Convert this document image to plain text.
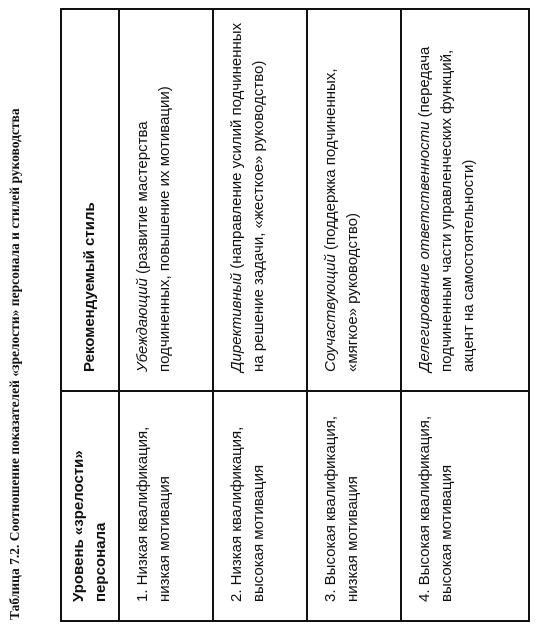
Таблица 7.2. Соотношение показателей «зрелости» персонала и стилей руководства	Уровень «зрелости» персонала	Рекомендуемый стиль
1. Низкая квалификация, низкая мотивация	Убеждающий (развитие мастерства подчиненных, повышение их мотивации)
2. Низкая квалификация, высокая мотивация	Директивный (направление усилий подчиненных на решение задачи, «жесткое» руководство)
3. Высокая квалификация, низкая мотивация	Соучаствующий (поддержка подчиненных, «мягкое» руководство)
4. Высокая квалификация, высокая мотивация	Делегирование ответственности (передача подчиненным части управленческих функций, акцент на самостоятельности)
